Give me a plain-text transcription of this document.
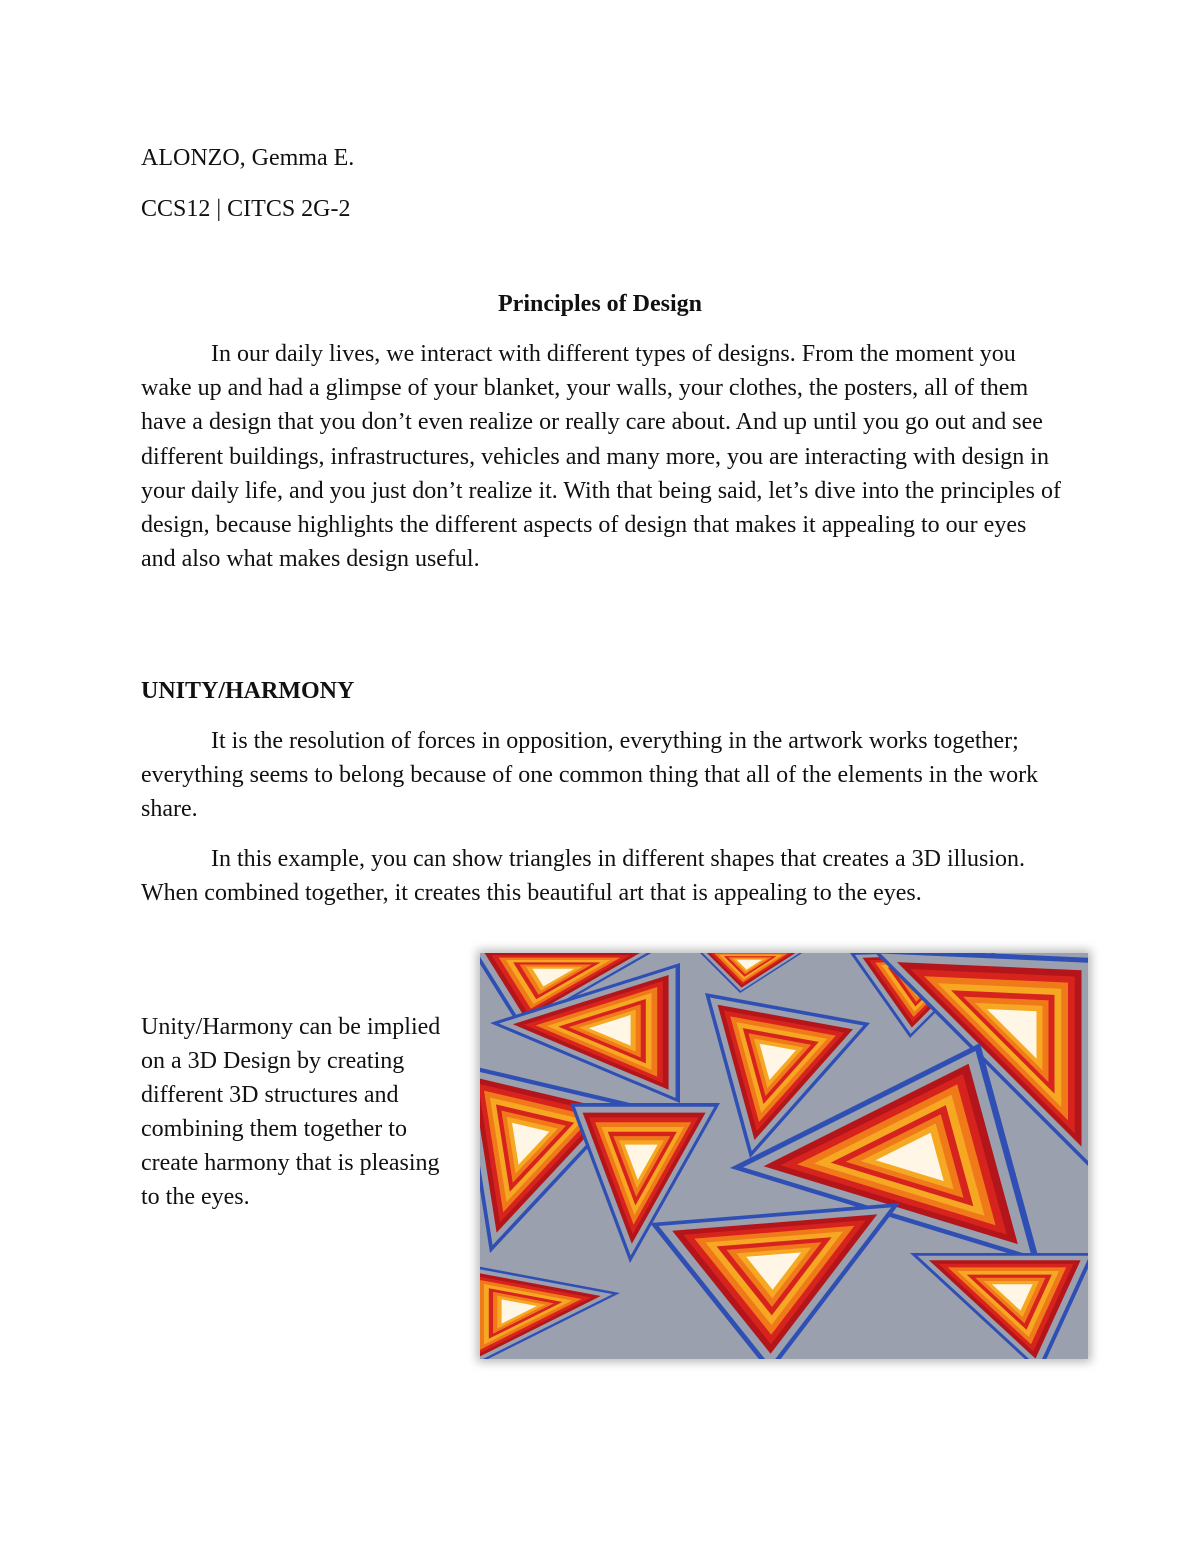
ALONZO, Gemma E.

CCS12 | CITCS 2G-2

Principles of Design

In our daily lives, we interact with different types of designs. From the moment you wake up and had a glimpse of your blanket, your walls, your clothes, the posters, all of them have a design that you don’t even realize or really care about. And up until you go out and see different buildings, infrastructures, vehicles and many more, you are interacting with design in your daily life, and you just don’t realize it. With that being said, let’s dive into the principles of design, because highlights the different aspects of design that makes it appealing to our eyes and also what makes design useful.

UNITY/HARMONY

It is the resolution of forces in opposition, everything in the artwork works together; everything seems to belong because of one common thing that all of the elements in the work share.

In this example, you can show triangles in different shapes that creates a 3D illusion. When combined together, it creates this beautiful art that is appealing to the eyes.

Unity/Harmony can be implied on a 3D Design by creating different 3D structures and combining them together to create harmony that is pleasing to the eyes.
